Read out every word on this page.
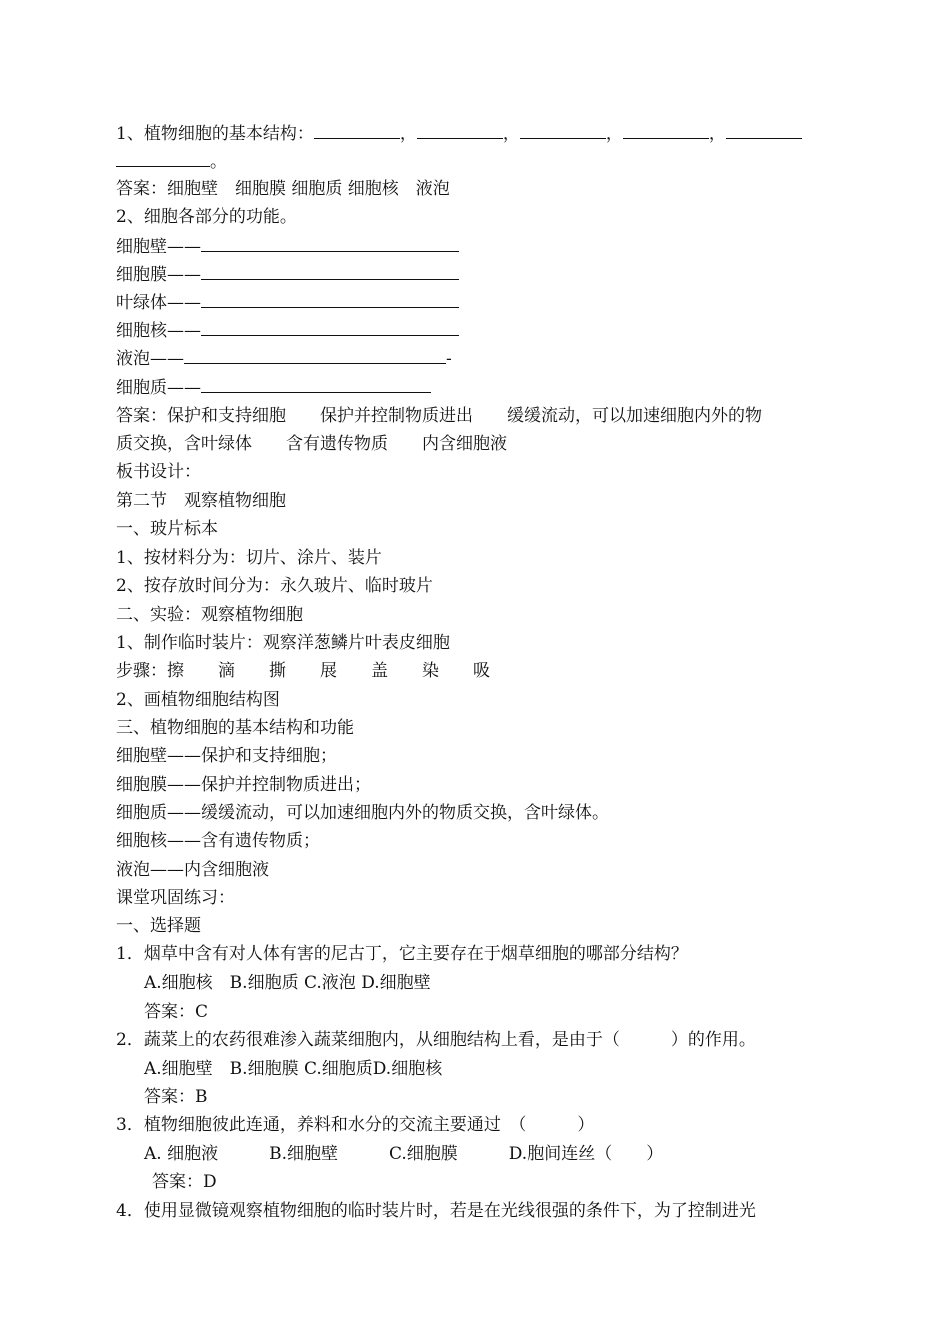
1、植物细胞的基本结构：	，	，	，	，

。

答案：细胞壁　细胞膜 细胞质 细胞核　液泡

2、细胞各部分的功能。

细胞壁——

细胞膜——

叶绿体——

细胞核——

液泡——	-

细胞质——

答案：保护和支持细胞　　保护并控制物质进出　　缓缓流动，可以加速细胞内外的物

质交换，含叶绿体　　含有遗传物质　　内含细胞液

板书设计：

第二节　观察植物细胞

一、玻片标本

1、按材料分为：切片、涂片、装片

2、按存放时间分为：永久玻片、临时玻片

二、实验：观察植物细胞

1、制作临时装片：观察洋葱鳞片叶表皮细胞

步骤：擦　　滴　　撕　　展　　盖　　染　　吸

2、画植物细胞结构图

三、植物细胞的基本结构和功能

细胞壁——保护和支持细胞；

细胞膜——保护并控制物质进出；

细胞质——缓缓流动，可以加速细胞内外的物质交换，含叶绿体。

细胞核——含有遗传物质；

液泡——内含细胞液

课堂巩固练习：

一、选择题

1．烟草中含有对人体有害的尼古丁，它主要存在于烟草细胞的哪部分结构？

A.细胞核　B.细胞质 C.液泡 D.细胞壁

答案：C

2．蔬菜上的农药很难渗入蔬菜细胞内，从细胞结构上看，是由于（　　　）的作用。

A.细胞壁　B.细胞膜 C.细胞质D.细胞核

答案：B

3．植物细胞彼此连通，养料和水分的交流主要通过　（　　　）

A. 细胞液　　　B.细胞壁　　　C.细胞膜　　　D.胞间连丝（　　）

答案：D

4．使用显微镜观察植物细胞的临时装片时，若是在光线很强的条件下，为了控制进光
